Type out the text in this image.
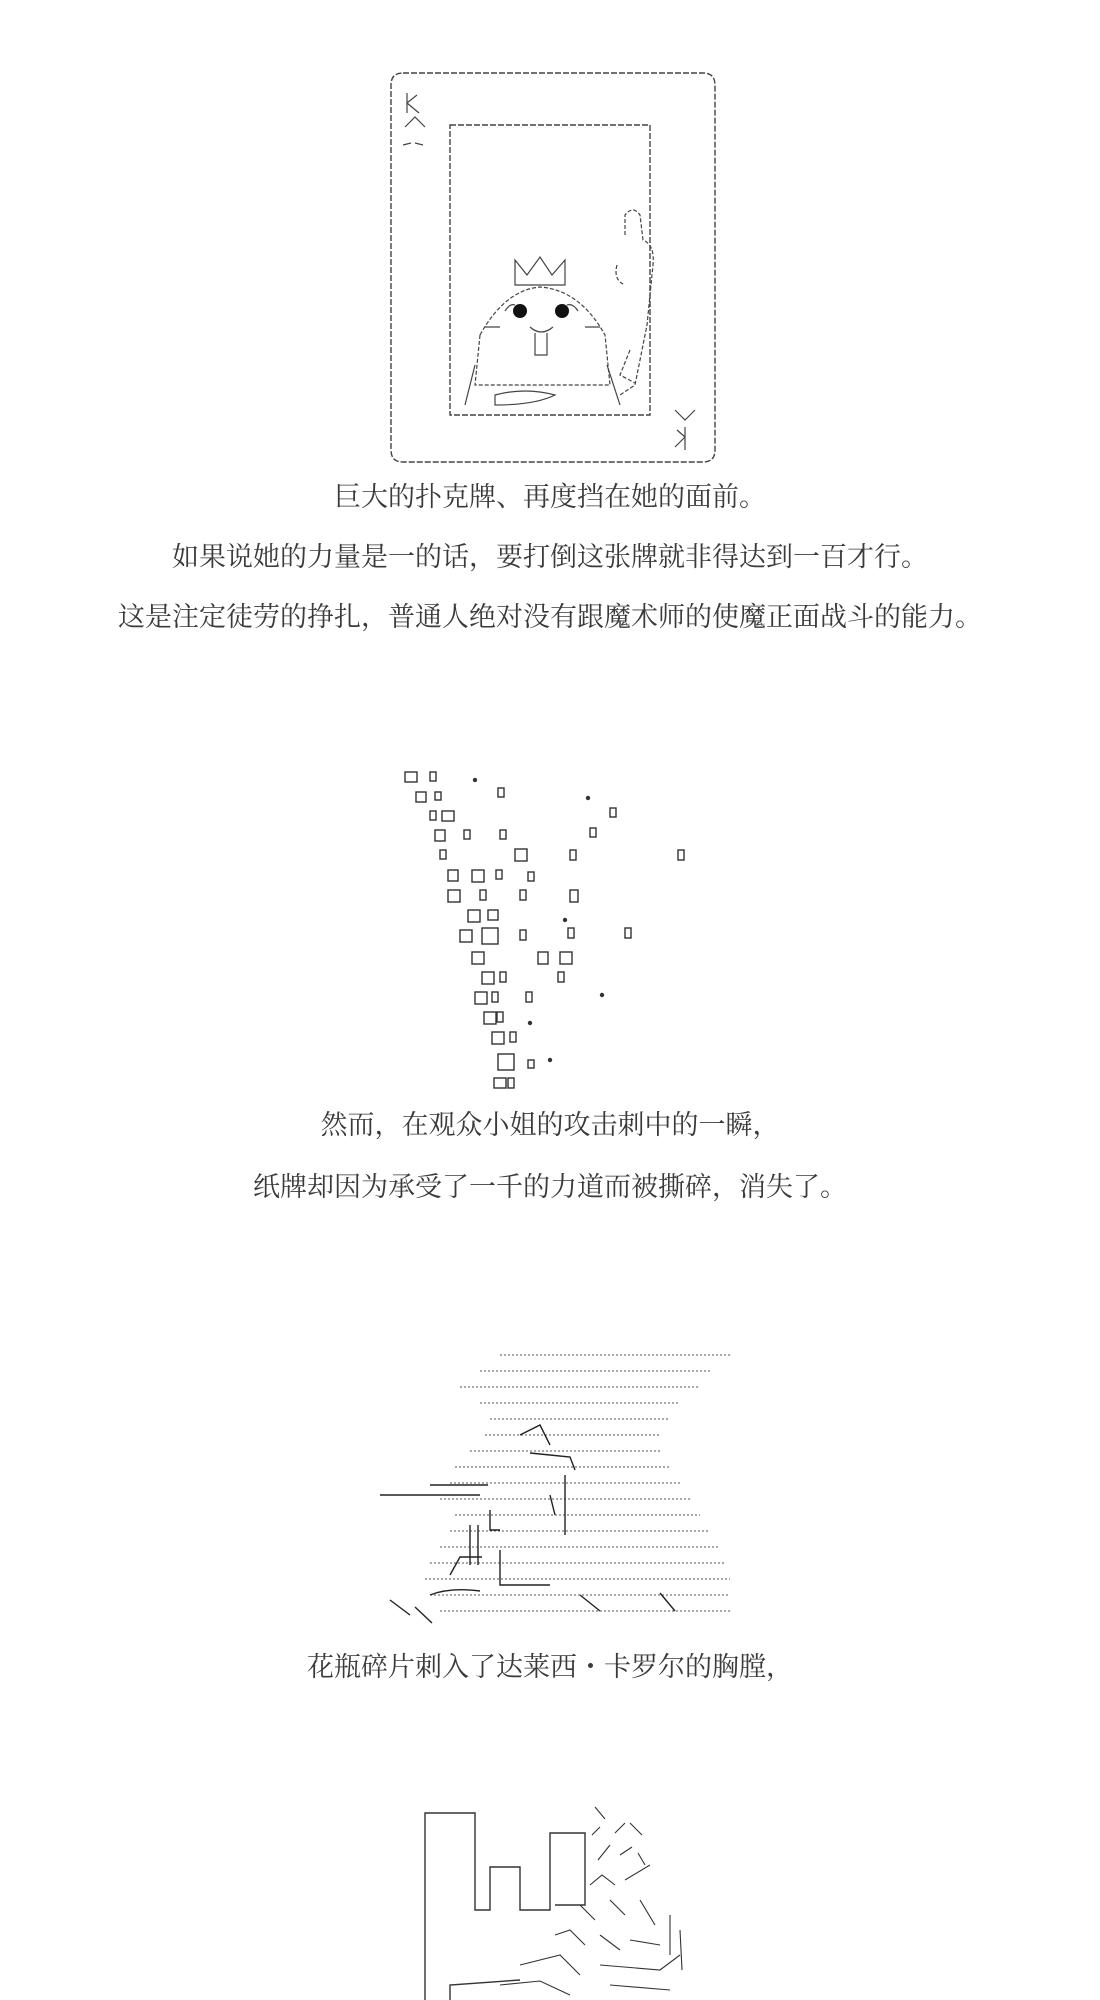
巨大的扑克牌、再度挡在她的面前。
如果说她的力量是一的话，要打倒这张牌就非得达到一百才行。
这是注定徒劳的挣扎，普通人绝对没有跟魔术师的使魔正面战斗的能力。
然而，在观众小姐的攻击刺中的一瞬，
纸牌却因为承受了一千的力道而被撕碎，消失了。
花瓶碎片刺入了达莱西・卡罗尔的胸膛，
